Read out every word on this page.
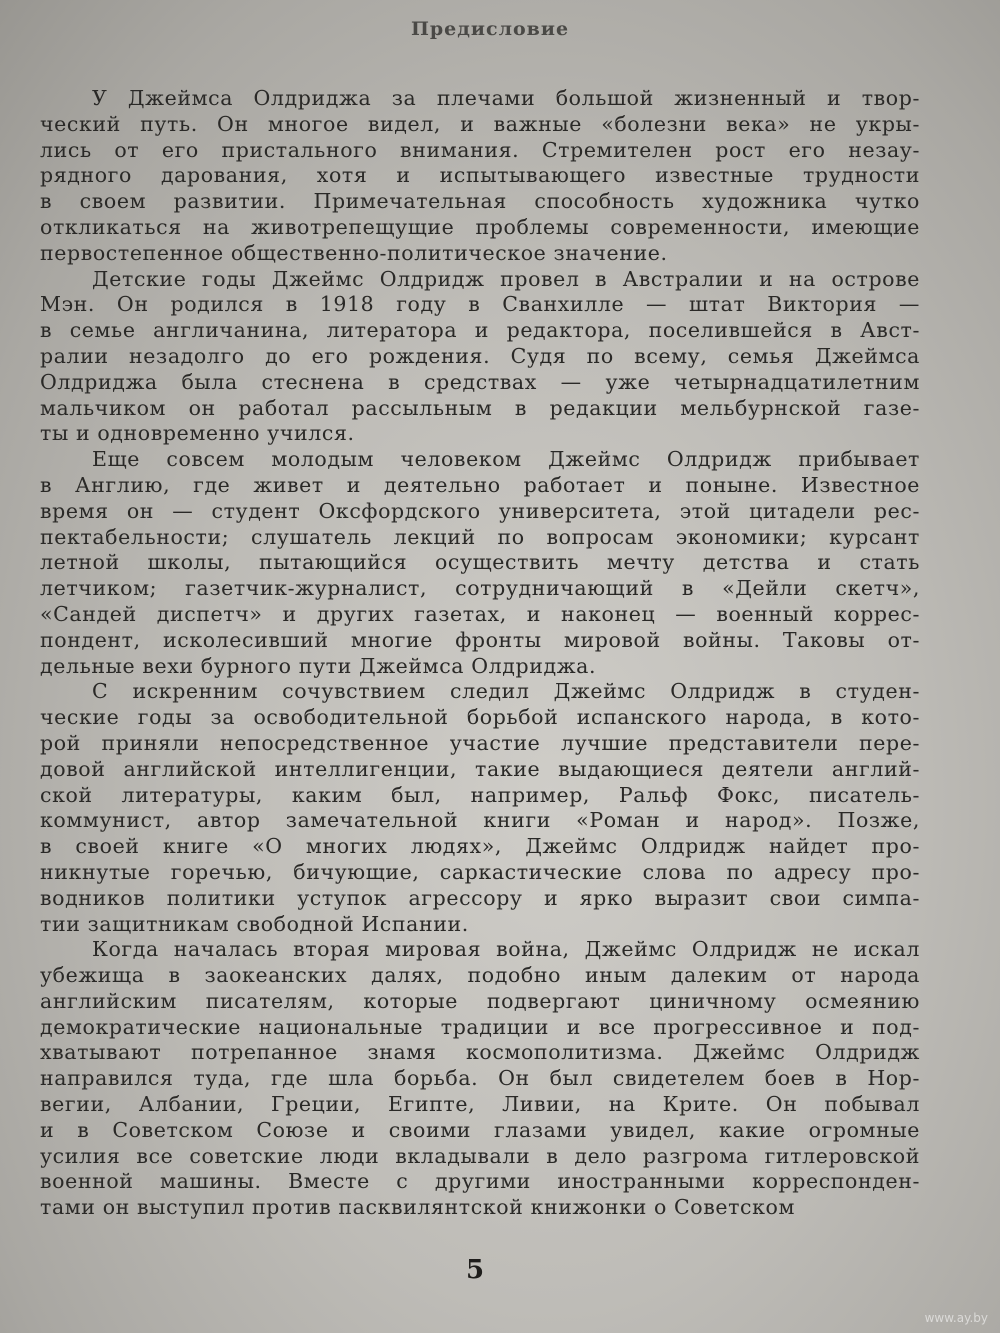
Предисловие

У Джеймса Олдриджа за плечами большой жизненный и твор-
ческий путь. Он многое видел, и важные «болезни века» не укры-
лись от его пристального внимания. Стремителен рост его незау-
рядного дарования, хотя и испытывающего известные трудности
в своем развитии. Примечательная способность художника чутко
откликаться на животрепещущие проблемы современности, имеющие
первостепенное общественно-политическое значение.

Детские годы Джеймс Олдридж провел в Австралии и на острове
Мэн. Он родился в 1918 году в Сванхилле — штат Виктория —
в семье англичанина, литератора и редактора, поселившейся в Авст-
ралии незадолго до его рождения. Судя по всему, семья Джеймса
Олдриджа была стеснена в средствах — уже четырнадцатилетним
мальчиком он работал рассыльным в редакции мельбурнской газе-
ты и одновременно учился.

Еще совсем молодым человеком Джеймс Олдридж прибывает
в Англию, где живет и деятельно работает и поныне. Известное
время он — студент Оксфордского университета, этой цитадели рес-
пектабельности; слушатель лекций по вопросам экономики; курсант
летной школы, пытающийся осуществить мечту детства и стать
летчиком; газетчик-журналист, сотрудничающий в «Дейли скетч»,
«Сандей диспетч» и других газетах, и наконец — военный коррес-
пондент, исколесивший многие фронты мировой войны. Таковы от-
дельные вехи бурного пути Джеймса Олдриджа.

С искренним сочувствием следил Джеймс Олдридж в студен-
ческие годы за освободительной борьбой испанского народа, в кото-
рой приняли непосредственное участие лучшие представители пере-
довой английской интеллигенции, такие выдающиеся деятели англий-
ской литературы, каким был, например, Ральф Фокс, писатель-
коммунист, автор замечательной книги «Роман и народ». Позже,
в своей книге «О многих людях», Джеймс Олдридж найдет про-
никнутые горечью, бичующие, саркастические слова по адресу про-
водников политики уступок агрессору и ярко выразит свои симпа-
тии защитникам свободной Испании.

Когда началась вторая мировая война, Джеймс Олдридж не искал
убежища в заокеанских далях, подобно иным далеким от народа
английским писателям, которые подвергают циничному осмеянию
демократические национальные традиции и все прогрессивное и под-
хватывают потрепанное знамя космополитизма. Джеймс Олдридж
направился туда, где шла борьба. Он был свидетелем боев в Нор-
вегии, Албании, Греции, Египте, Ливии, на Крите. Он побывал
и в Советском Союзе и своими глазами увидел, какие огромные
усилия все советские люди вкладывали в дело разгрома гитлеровской
военной машины. Вместе с другими иностранными корреспонден-
тами он выступил против пасквилянтской книжонки о Советском

5
www.ay.by
